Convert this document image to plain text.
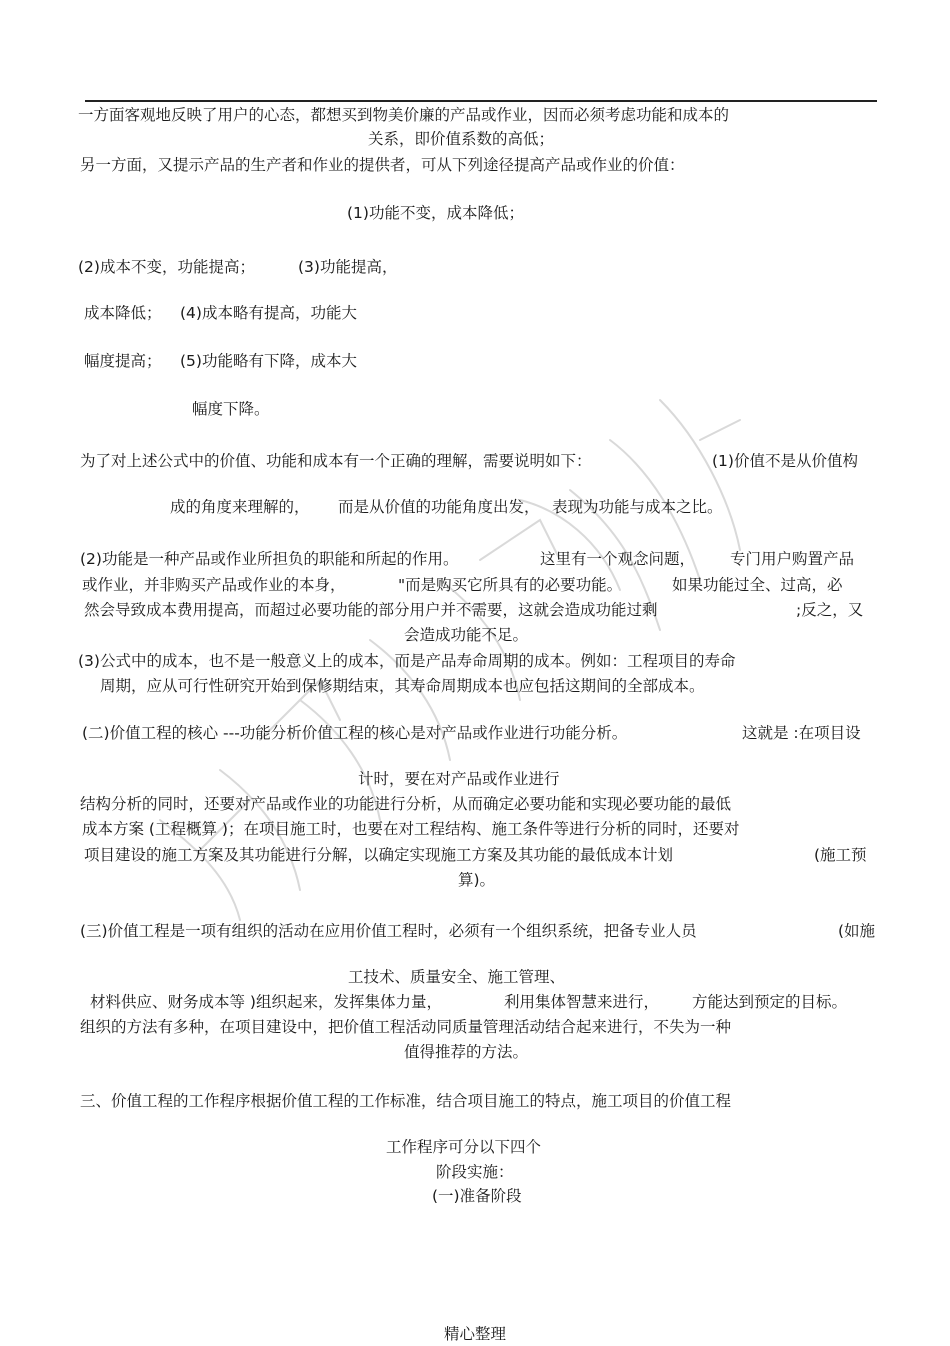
一方面客观地反映了用户的心态，都想买到物美价廉的产品或作业，因而必须考虑功能和成本的
关系，即价值系数的高低；
另一方面，又提示产品的生产者和作业的提供者，可从下列途径提高产品或作业的价值：
(1)功能不变，成本降低；
(2)成本不变，功能提高；	(3)功能提高，
成本降低； (4)成本略有提高，功能大
幅度提高； (5)功能略有下降，成本大
幅度下降。
为了对上述公式中的价值、功能和成本有一个正确的理解，需要说明如下：	(1)价值不是从价值构
成的角度来理解的， 而是从价值的功能角度出发， 表现为功能与成本之比。
(2)功能是一种产品或作业所担负的职能和所起的作用。	这里有一个观念问题， 专门用户购置产品
或作业，并非购买产品或作业的本身，	"而是购买它所具有的必要功能。	如果功能过全、过高，必
然会导致成本费用提高，而超过必要功能的部分用户并不需要，这就会造成功能过剩	;反之，又
会造成功能不足。
(3)公式中的成本，也不是一般意义上的成本，而是产品寿命周期的成本。例如：工程项目的寿命
周期，应从可行性研究开始到保修期结束，其寿命周期成本也应包括这期间的全部成本。
(二)价值工程的核心 ---功能分析价值工程的核心是对产品或作业进行功能分析。	这就是 :在项目设
计时，要在对产品或作业进行
结构分析的同时，还要对产品或作业的功能进行分析，从而确定必要功能和实现必要功能的最低
成本方案 (工程概算 )；在项目施工时，也要在对工程结构、施工条件等进行分析的同时，还要对
项目建设的施工方案及其功能进行分解，以确定实现施工方案及其功能的最低成本计划	(施工预
算)。
(三)价值工程是一项有组织的活动在应用价值工程时，必须有一个组织系统，把备专业人员	(如施
工技术、质量安全、施工管理、
材料供应、财务成本等 )组织起来，发挥集体力量，	利用集体智慧来进行， 方能达到预定的目标。
组织的方法有多种，在项目建设中，把价值工程活动同质量管理活动结合起来进行，不失为一种
值得推荐的方法。
三、价值工程的工作程序根据价值工程的工作标准，结合项目施工的特点，施工项目的价值工程
工作程序可分以下四个
阶段实施：
(一)准备阶段
精心整理
